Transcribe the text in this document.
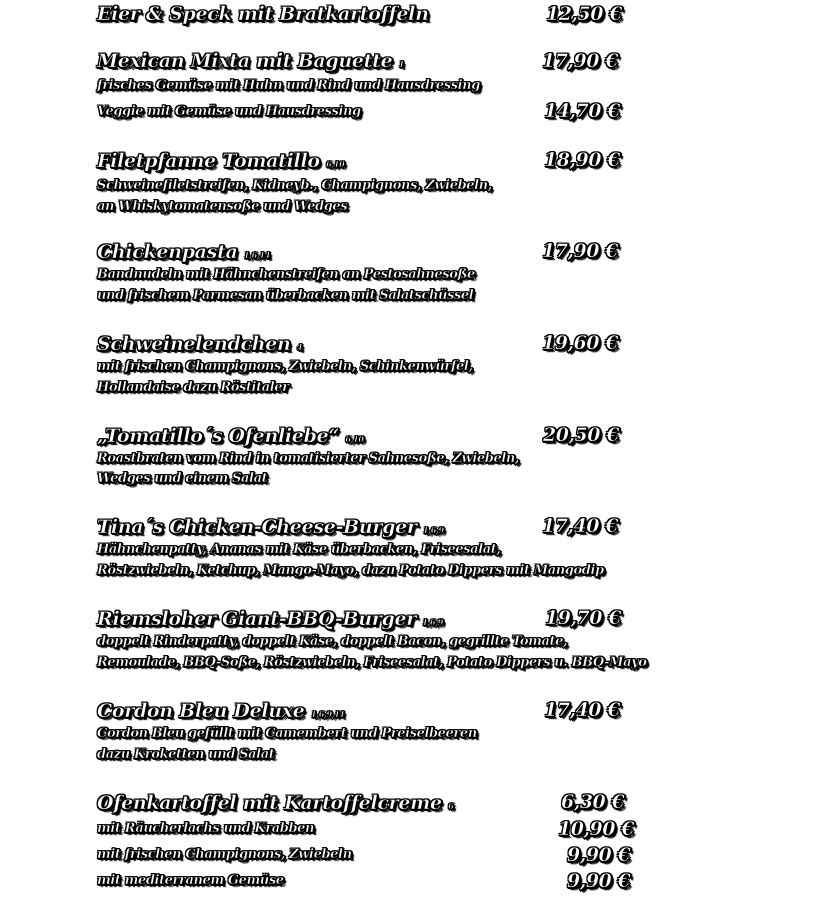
Eier & Speck mit Bratkartoffeln	12,50 €
Mexican Mixta mit Baguette 1	17,90 €
frisches Gemüse mit Huhn und Rind und Hausdressing
Veggie mit Gemüse und Hausdressing	14,70 €
Filetpfanne Tomatillo 6,10	18,90 €
Schweinefiletstreifen, Kidneyb., Champignons, Zwiebeln,
an Whiskytomatensoße und Wedges
Chickenpasta 1,6,14	17,90 €
Bandnudeln mit Hähnchenstreifen an Pestosahnesoße
und frischem Parmesan überbacken mit Salatschüssel
Schweinelendchen 4	19,60 €
mit frischen Champignons, Zwiebeln, Schinkenwürfel,
Hollandaise dazu Röstitaler
„Tomatillo´s Ofenliebe“ 6,10	20,50 €
Roastbraten vom Rind in tomatisierter Sahnesoße, Zwiebeln,
Wedges und einem Salat
Tina´s Chicken-Cheese-Burger 1,6,9	17,40 €
Hähnchenpatty, Ananas mit Käse überbacken, Friseesalat,
Röstzwiebeln, Ketchup, Mango-Mayo, dazu Potato Dippers mit Mangodip
Riemsloher Giant-BBQ-Burger 1,6,9	19,70 €
doppelt Rinderpatty, doppelt Käse, doppelt Bacon, gegrillte Tomate,
Remoulade, BBQ-Soße, Röstzwiebeln, Friseesalat, Potato Dippers u. BBQ-Mayo
Cordon Bleu Deluxe 1,6,9,11	17,40 €
Cordon Bleu gefüllt mit Camembert und Preiselbeeren
dazu Kroketten und Salat
Ofenkartoffel mit Kartoffelcreme 6	6,30 €
mit Räucherlachs und Krabben	10,90 €
mit frischen Champignons, Zwiebeln	9,90 €
mit mediterranem Gemüse	9,90 €
